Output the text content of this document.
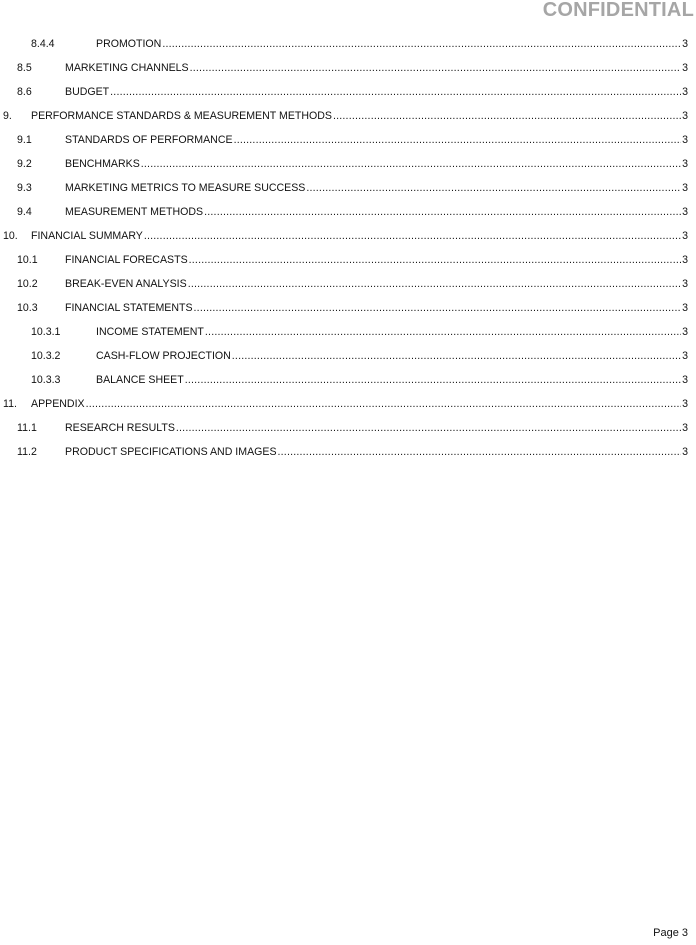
CONFIDENTIAL
8.4.4	PROMOTION .....	3
8.5	MARKETING CHANNELS .....	3
8.6	BUDGET .....	3
9.	PERFORMANCE STANDARDS & MEASUREMENT METHODS .....	3
9.1	STANDARDS OF PERFORMANCE .....	3
9.2	BENCHMARKS .....	3
9.3	MARKETING METRICS TO MEASURE SUCCESS .....	3
9.4	MEASUREMENT METHODS .....	3
10.	FINANCIAL SUMMARY .....	3
10.1	FINANCIAL FORECASTS .....	3
10.2	BREAK-EVEN ANALYSIS .....	3
10.3	FINANCIAL STATEMENTS .....	3
10.3.1	INCOME STATEMENT .....	3
10.3.2	CASH-FLOW PROJECTION .....	3
10.3.3	BALANCE SHEET .....	3
11.	APPENDIX .....	3
11.1	RESEARCH RESULTS .....	3
11.2	PRODUCT SPECIFICATIONS AND IMAGES .....	3
Page 3
